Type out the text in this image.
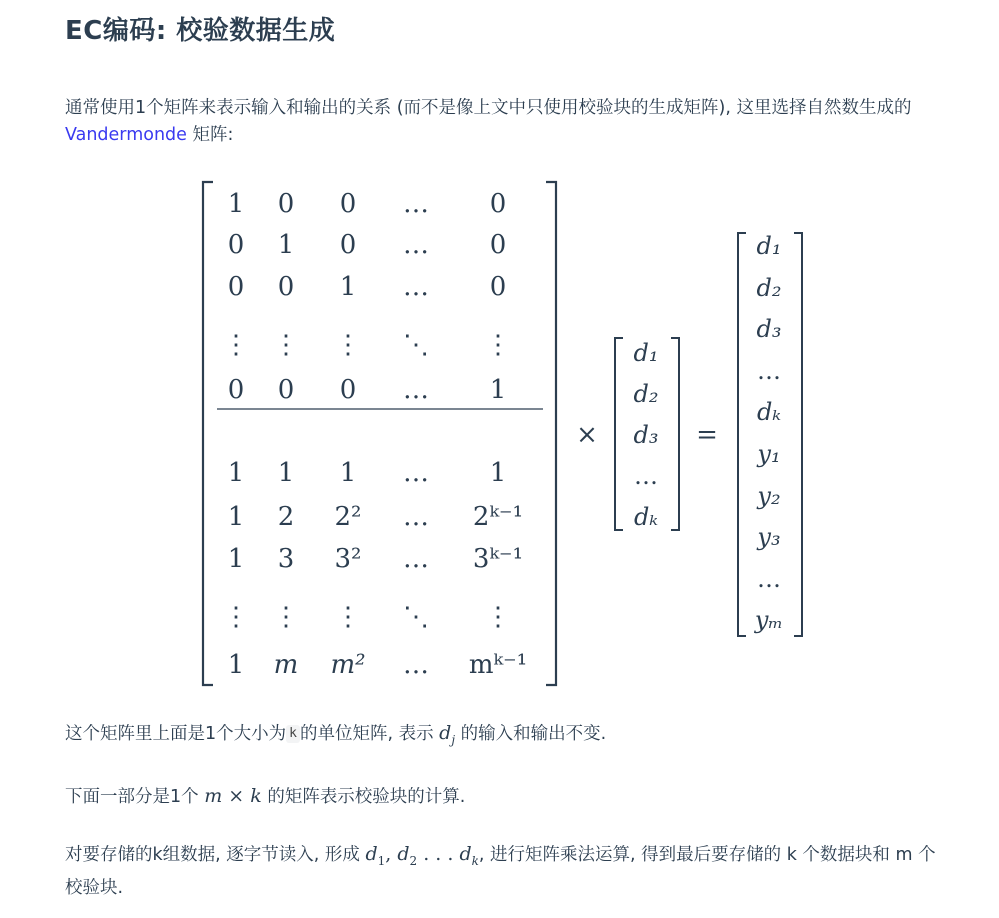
EC编码: 校验数据生成
通常使用1个矩阵来表示输入和输出的关系 (而不是像上文中只使用校验块的生成矩阵), 这里选择自然数生成的 Vandermonde 矩阵:
1 0 0 … 0
0 1 0 … 0
0 0 1 … 0
⋮ ⋮ ⋮ ⋱ ⋮
0 0 0 … 1
1 1 1 … 1
1 2 2² … 2ᵏ⁻¹
1 3 3² … 3ᵏ⁻¹
⋮ ⋮ ⋮ ⋱ ⋮
1 m m² … mᵏ⁻¹
×
d₁
d₂
d₃
…
dₖ
=
d₁
d₂
d₃
…
dₖ
y₁
y₂
y₃
…
yₘ
这个矩阵里上面是1个大小为 k 的单位矩阵, 表示 $d_j$ 的输入和输出不变.
下面一部分是1个 m × k 的矩阵表示校验块的计算.
对要存储的k组数据, 逐字节读入, 形成 $d_1$, $d_2$ . . . $d_k$, 进行矩阵乘法运算, 得到最后要存储的 k 个数据块和 m 个校验块.
